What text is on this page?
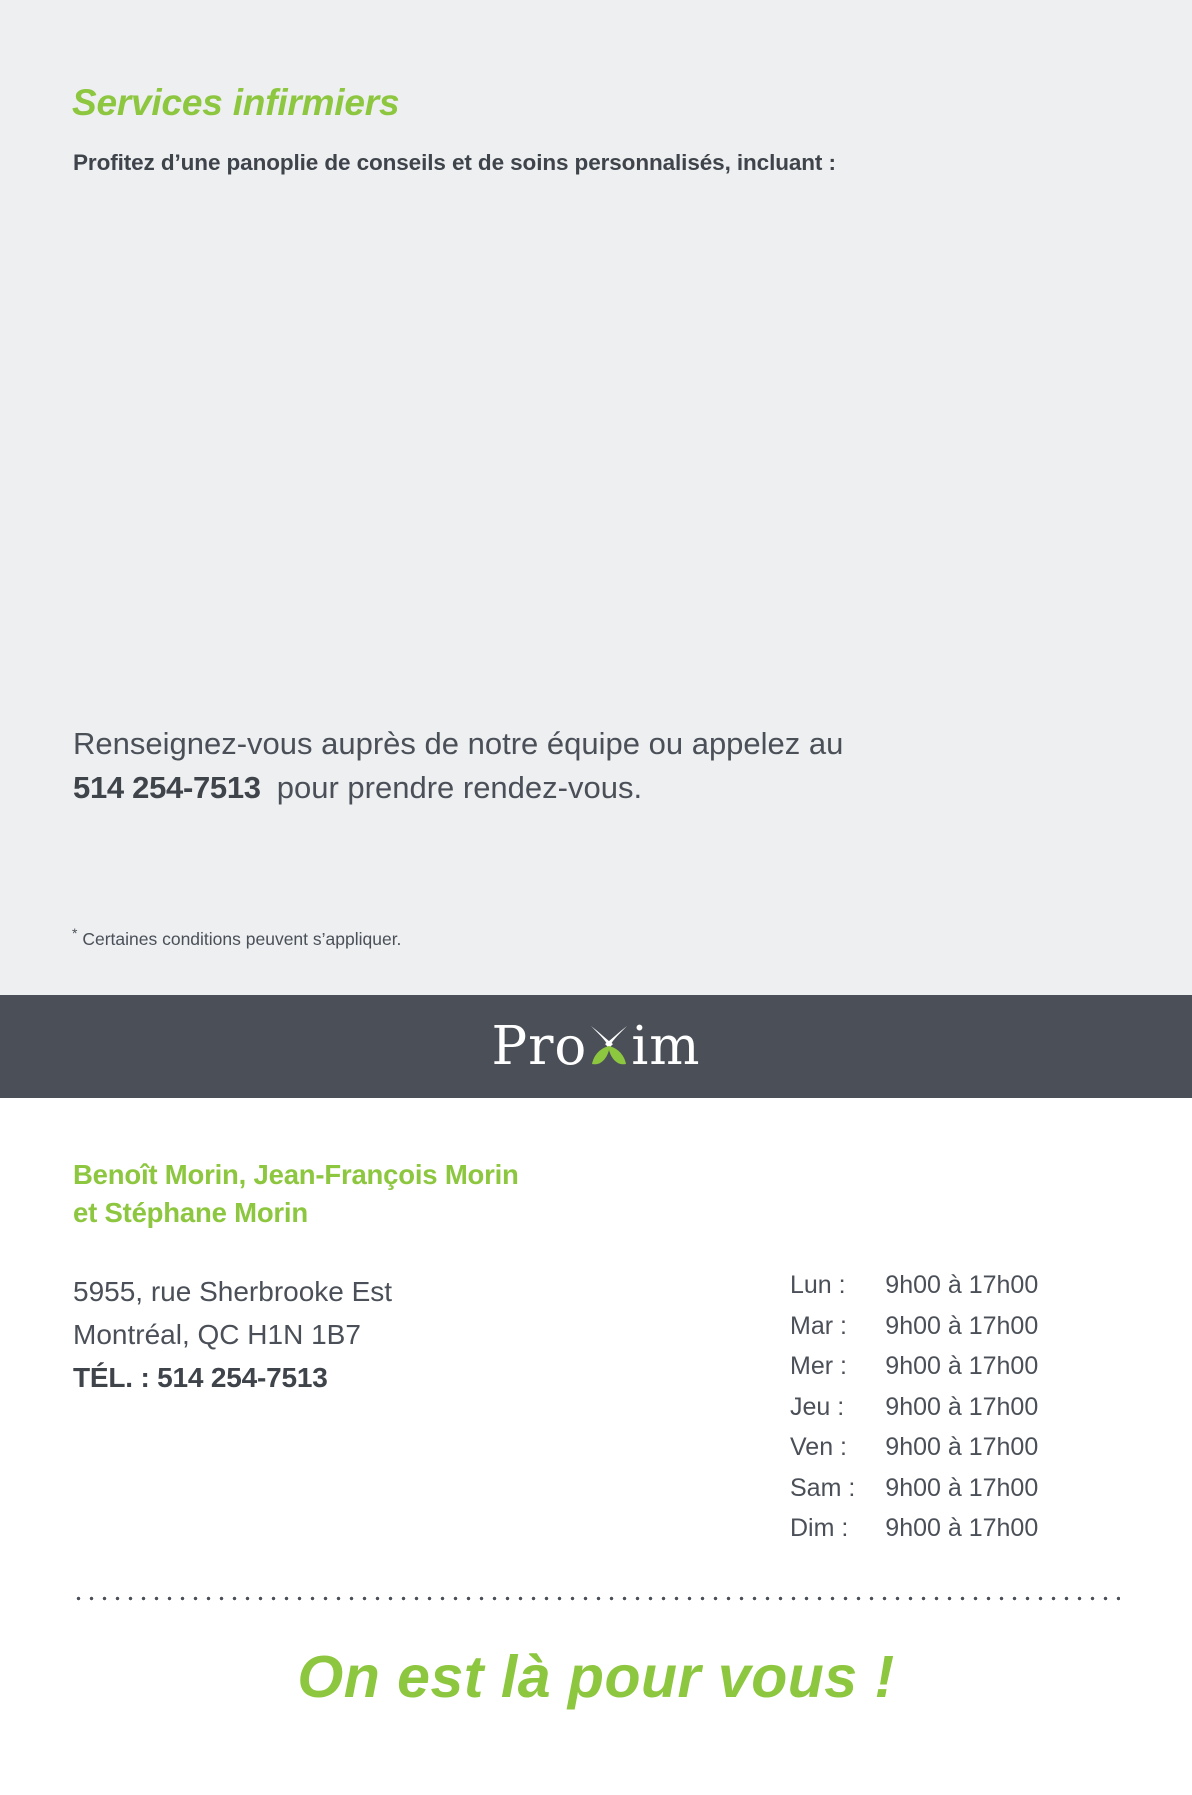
Services infirmiers
Profitez d’une panoplie de conseils et de soins personnalisés, incluant :
Renseignez-vous auprès de notre équipe ou appelez au
514 254-7513 pour prendre rendez-vous.
* Certaines conditions peuvent s’appliquer.
Pro im
Benoît Morin, Jean-François Morin
et Stéphane Morin
5955, rue Sherbrooke Est
Montréal, QC H1N 1B7
TÉL. : 514 254-7513
Lun :	9h00 à 17h00
Mar :	9h00 à 17h00
Mer :	9h00 à 17h00
Jeu :	9h00 à 17h00
Ven :	9h00 à 17h00
Sam :	9h00 à 17h00
Dim :	9h00 à 17h00
On est là pour vous !
